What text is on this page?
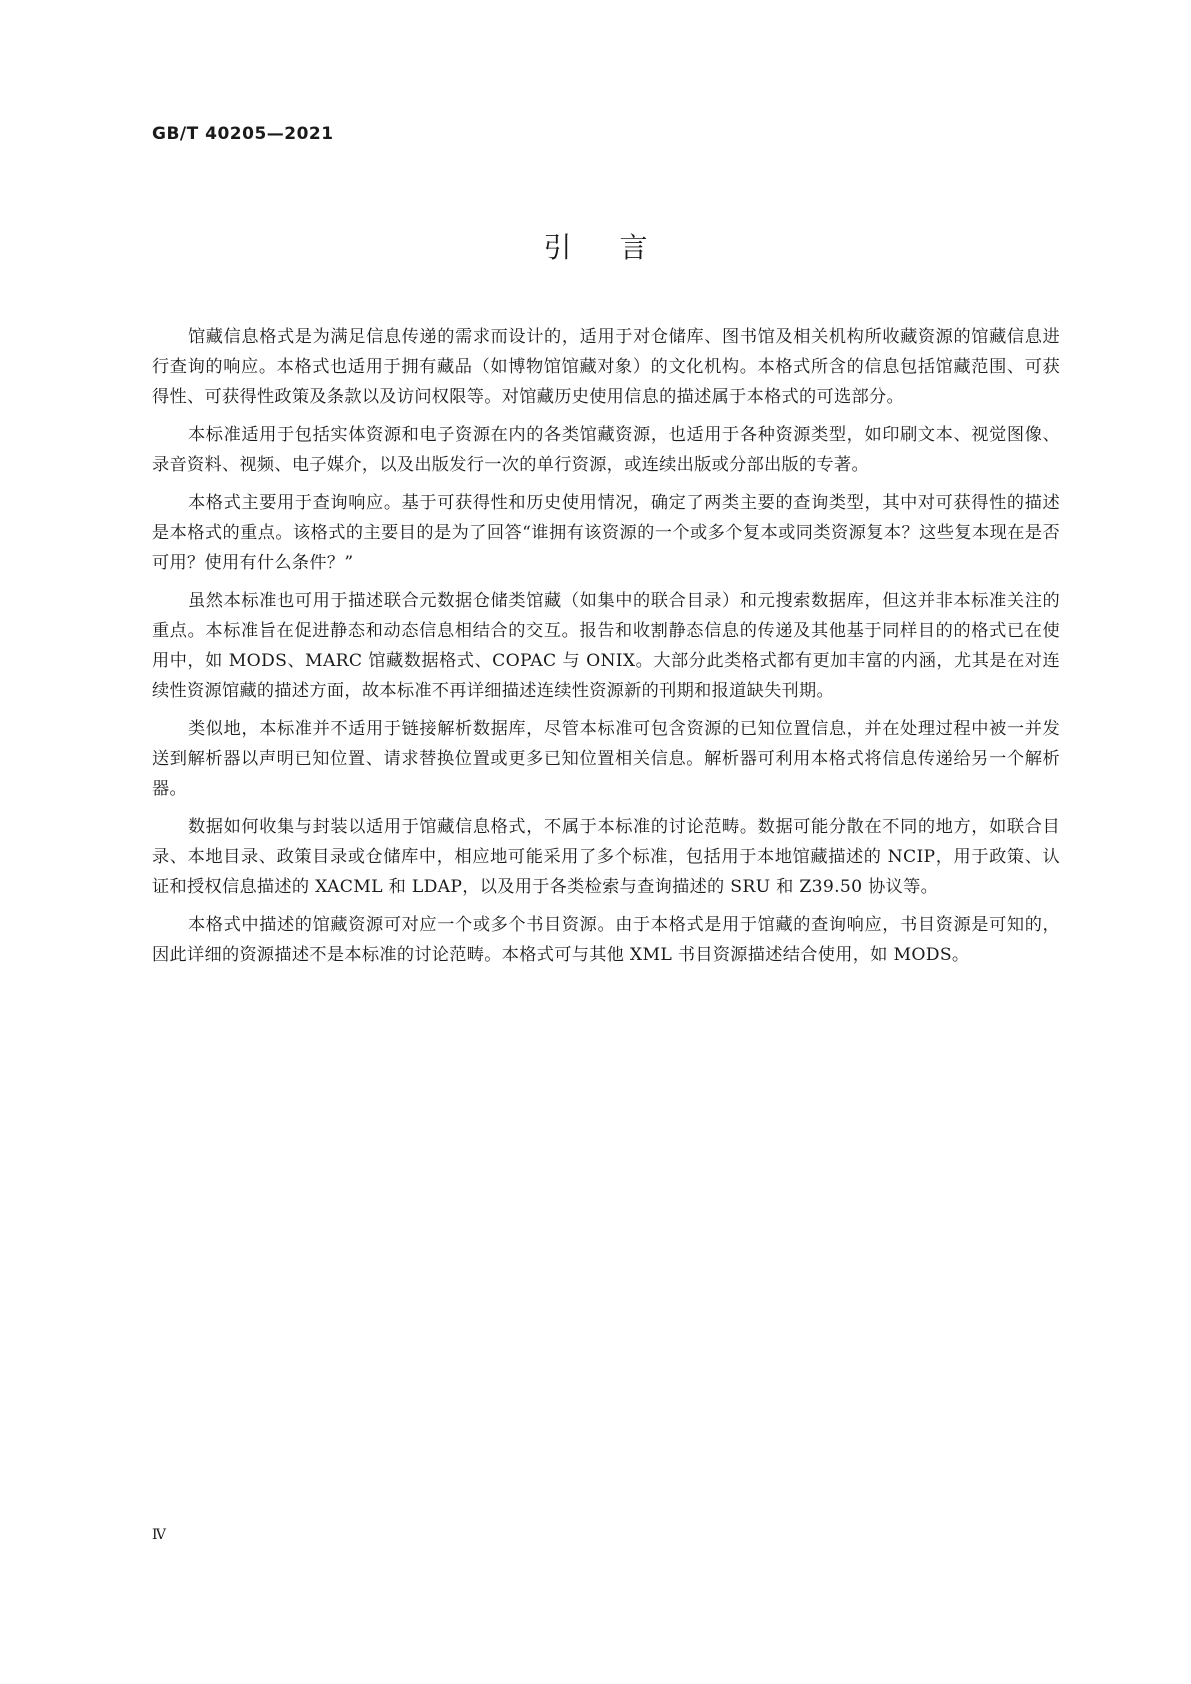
GB/T 40205—2021
引言

馆藏信息格式是为满足信息传递的需求而设计的，适用于对仓储库、图书馆及相关机构所收藏资源的馆藏信息进行查询的响应。本格式也适用于拥有藏品（如博物馆馆藏对象）的文化机构。本格式所含的信息包括馆藏范围、可获得性、可获得性政策及条款以及访问权限等。对馆藏历史使用信息的描述属于本格式的可选部分。

本标准适用于包括实体资源和电子资源在内的各类馆藏资源，也适用于各种资源类型，如印刷文本、视觉图像、录音资料、视频、电子媒介，以及出版发行一次的单行资源，或连续出版或分部出版的专著。

本格式主要用于查询响应。基于可获得性和历史使用情况，确定了两类主要的查询类型，其中对可获得性的描述是本格式的重点。该格式的主要目的是为了回答“谁拥有该资源的一个或多个复本或同类资源复本？这些复本现在是否可用？使用有什么条件？”

虽然本标准也可用于描述联合元数据仓储类馆藏（如集中的联合目录）和元搜索数据库，但这并非本标准关注的重点。本标准旨在促进静态和动态信息相结合的交互。报告和收割静态信息的传递及其他基于同样目的的格式已在使用中，如 MODS、MARC 馆藏数据格式、COPAC 与 ONIX。大部分此类格式都有更加丰富的内涵，尤其是在对连续性资源馆藏的描述方面，故本标准不再详细描述连续性资源新的刊期和报道缺失刊期。

类似地，本标准并不适用于链接解析数据库，尽管本标准可包含资源的已知位置信息，并在处理过程中被一并发送到解析器以声明已知位置、请求替换位置或更多已知位置相关信息。解析器可利用本格式将信息传递给另一个解析器。

数据如何收集与封装以适用于馆藏信息格式，不属于本标准的讨论范畴。数据可能分散在不同的地方，如联合目录、本地目录、政策目录或仓储库中，相应地可能采用了多个标准，包括用于本地馆藏描述的 NCIP，用于政策、认证和授权信息描述的 XACML 和 LDAP，以及用于各类检索与查询描述的 SRU 和 Z39.50 协议等。

本格式中描述的馆藏资源可对应一个或多个书目资源。由于本格式是用于馆藏的查询响应，书目资源是可知的，因此详细的资源描述不是本标准的讨论范畴。本格式可与其他 XML 书目资源描述结合使用，如 MODS。

Ⅳ
